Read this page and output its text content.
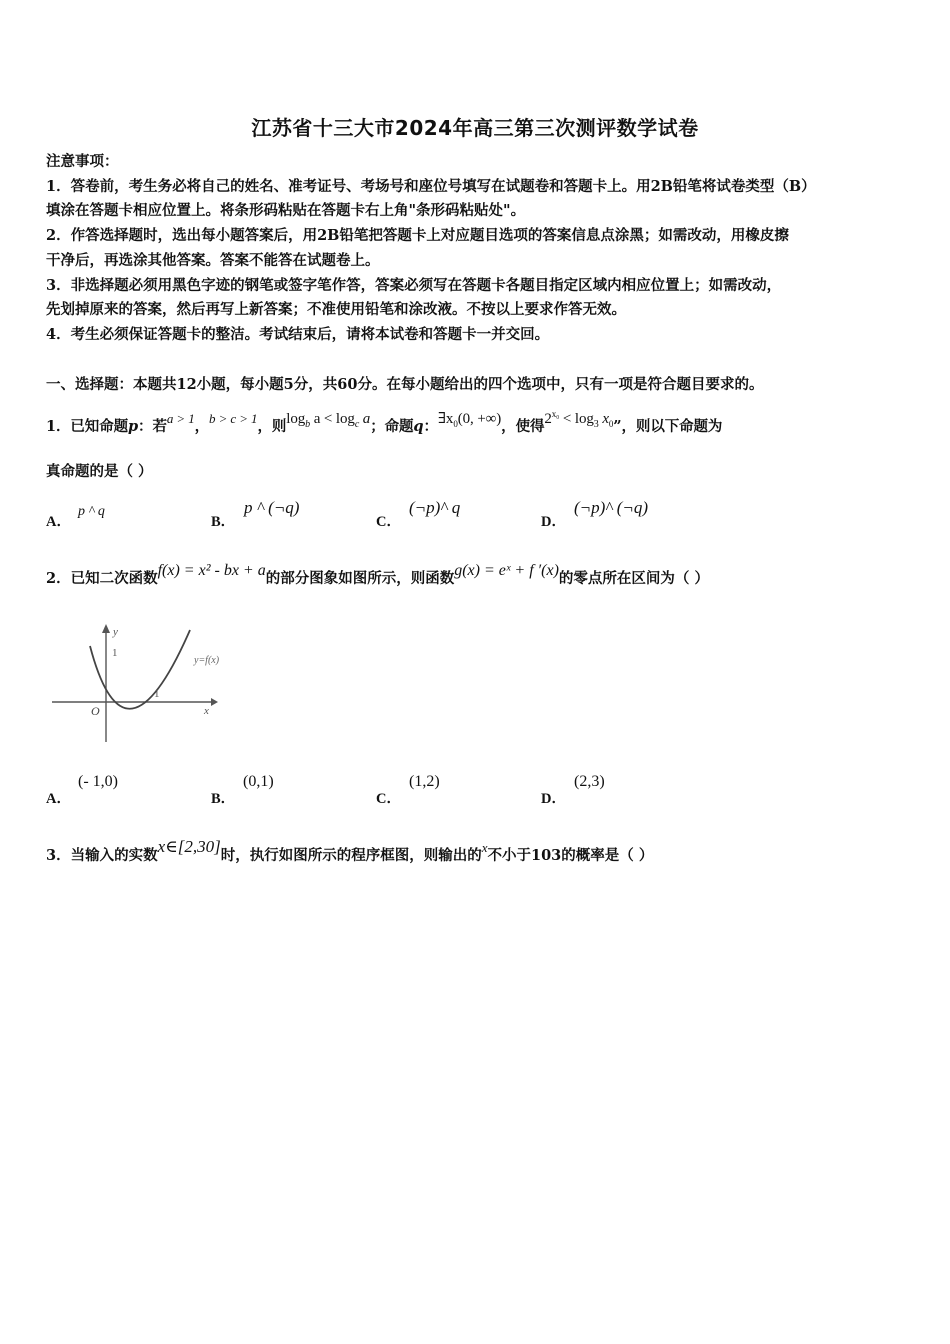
江苏省十三大市2024年高三第三次测评数学试卷
注意事项：
1．答卷前，考生务必将自己的姓名、准考证号、考场号和座位号填写在试题卷和答题卡上。用2B铅笔将试卷类型（B）
填涂在答题卡相应位置上。将条形码粘贴在答题卡右上角"条形码粘贴处"。
2．作答选择题时，选出每小题答案后，用2B铅笔把答题卡上对应题目选项的答案信息点涂黑；如需改动，用橡皮擦
干净后，再选涂其他答案。答案不能答在试题卷上。
3．非选择题必须用黑色字迹的钢笔或签字笔作答，答案必须写在答题卡各题目指定区域内相应位置上；如需改动，
先划掉原来的答案，然后再写上新答案；不准使用铅笔和涂改液。不按以上要求作答无效。
4．考生必须保证答题卡的整洁。考试结束后，请将本试卷和答题卡一并交回。
一、选择题：本题共12小题，每小题5分，共60分。在每小题给出的四个选项中，只有一项是符合题目要求的。
1．已知命题p：若a > 1，b > c > 1，则$\log_b a < \log_c a$；命题q：$\exists x_0(0$, +∞)，使得$2^{x_0} < \log_3 x_0$”，则以下命题为
真命题的是（ ）
A．
p ^ q
B．
p ^ (¬q)
C．
(¬p)^ q
D．
(¬p)^ (¬q)
2．已知二次函数f(x) = x² - bx + a的部分图象如图所示，则函数g(x) = eˣ + f ′(x)的零点所在区间为（ ）
y
x
O
1
1
y=f(x)
A．
(- 1,0)
B．
(0,1)
C．
(1,2)
D．
(2,3)
3．当输入的实数x∈[2,30]时，执行如图所示的程序框图，则输出的x不小于103的概率是（ ）
